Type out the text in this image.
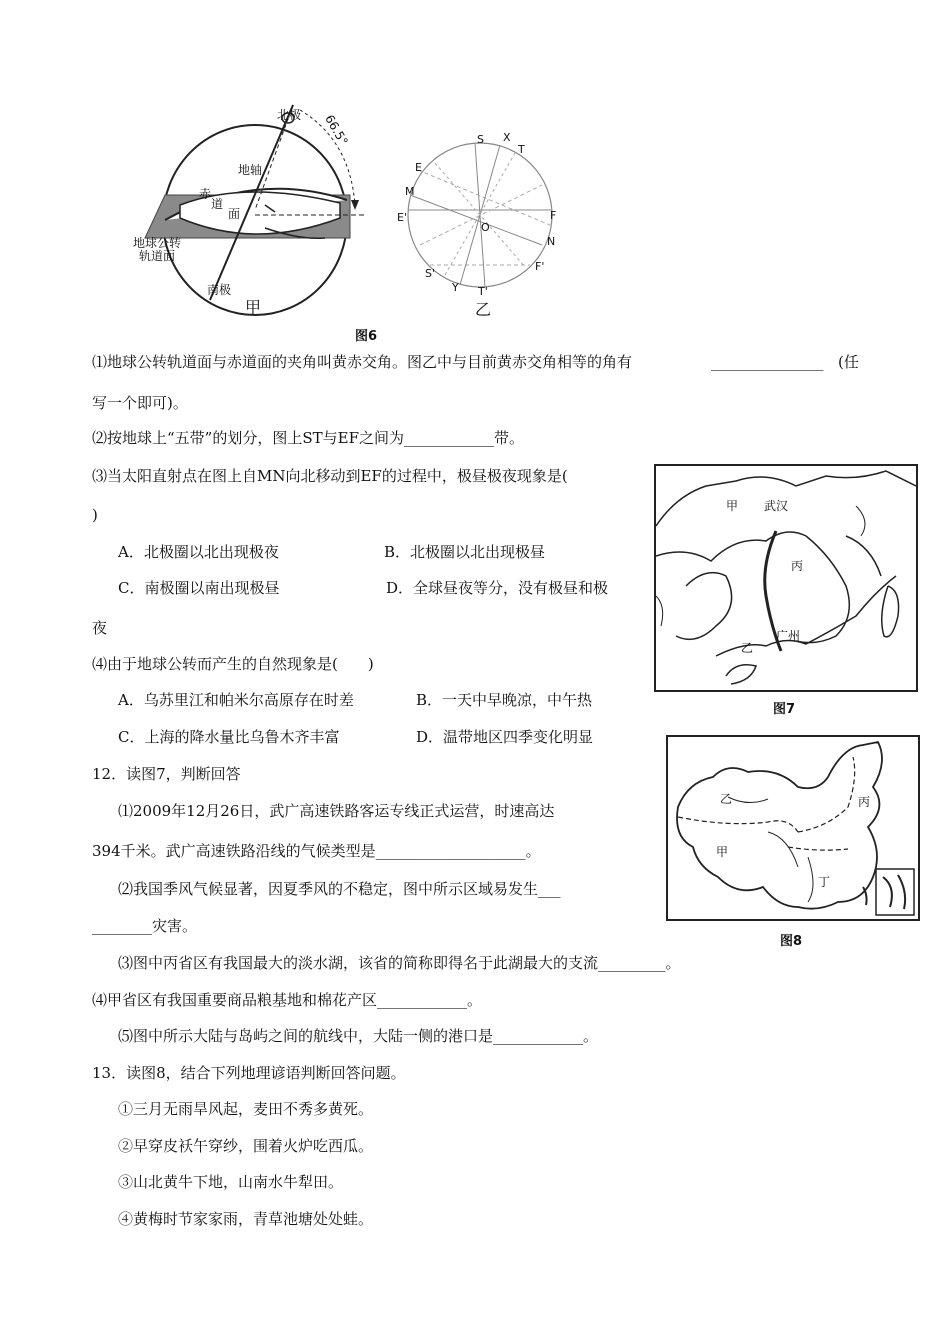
北极 66.5°
地轴
赤
道
面
地球公转
轨道面
南极
甲
S X
T
E
M
E'
O
F
N
S'
F'
Y T'
乙
图6
甲 武汉
丙
乙
广州
图7
乙
甲
丙
丁
图8
⑴地球公转轨道面与赤道面的夹角叫黄赤交角。图乙中与目前黄赤交角相等的角有	_______________ (任
写一个即可)。
⑵按地球上“五带”的划分，图上ST与EF之间为____________带。
⑶当太阳直射点在图上自MN向北移动到EF的过程中，极昼极夜现象是(
)
A．北极圈以北出现极夜	B．北极圈以北出现极昼
C．南极圈以南出现极昼	D．全球昼夜等分，没有极昼和极
夜
⑷由于地球公转而产生的自然现象是(　　)
A．乌苏里江和帕米尔高原存在时差	B．一天中早晚凉，中午热
C．上海的降水量比乌鲁木齐丰富	D．温带地区四季变化明显
12．读图7，判断回答
⑴2009年12月26日，武广高速铁路客运专线正式运营，时速高达
394千米。武广高速铁路沿线的气候类型是____________________。
⑵我国季风气候显著，因夏季风的不稳定，图中所示区域易发生___
________灾害。
⑶图中丙省区有我国最大的淡水湖，该省的简称即得名于此湖最大的支流_________。
⑷甲省区有我国重要商品粮基地和棉花产区____________。
⑸图中所示大陆与岛屿之间的航线中，大陆一侧的港口是____________。
13．读图8，结合下列地理谚语判断回答问题。
①三月无雨旱风起，麦田不秀多黄死。
②早穿皮袄午穿纱，围着火炉吃西瓜。
③山北黄牛下地，山南水牛犁田。
④黄梅时节家家雨，青草池塘处处蛙。
